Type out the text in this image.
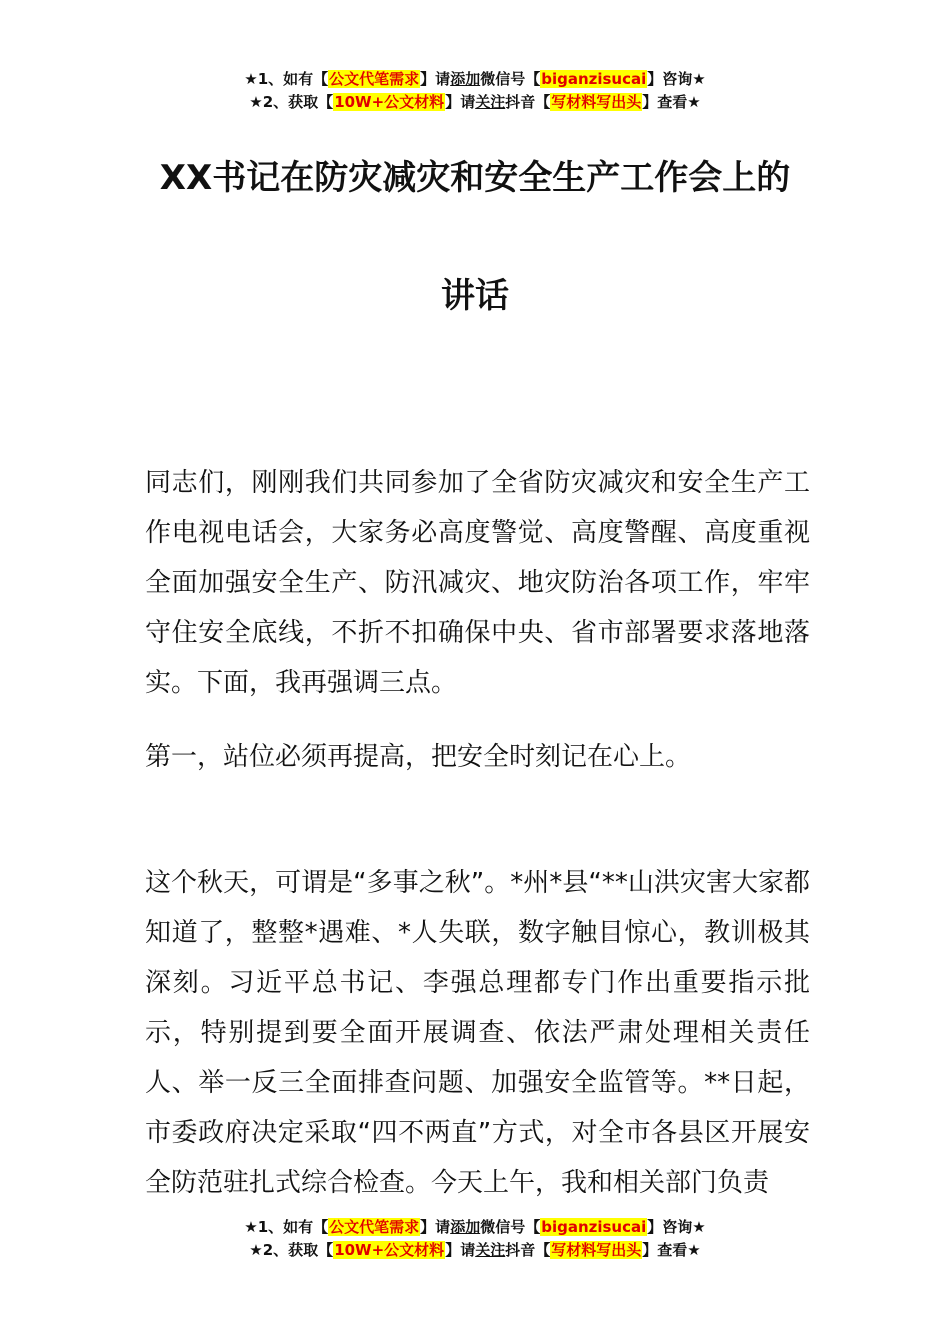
★1、如有【公文代笔需求】请添加微信号【biganzisucai】咨询★
★2、获取【10W+公文材料】请关注抖音【写材料写出头】查看★
XX书记在防灾减灾和安全生产工作会上的
讲话

同志们，刚刚我们共同参加了全省防灾减灾和安全生产工作电视电话会，大家务必高度警觉、高度警醒、高度重视全面加强安全生产、防汛减灾、地灾防治各项工作，牢牢守住安全底线，不折不扣确保中央、省市部署要求落地落实。下面，我再强调三点。

第一，站位必须再提高，把安全时刻记在心上。

这个秋天，可谓是“多事之秋”。*州*县“**山洪灾害大家都知道了，整整*遇难、*人失联，数字触目惊心，教训极其深刻。习近平总书记、李强总理都专门作出重要指示批示，特别提到要全面开展调查、依法严肃处理相关责任人、举一反三全面排查问题、加强安全监管等。**日起，市委政府决定采取“四不两直”方式，对全市各县区开展安全防范驻扎式综合检查。今天上午，我和相关部门负责

★1、如有【公文代笔需求】请添加微信号【biganzisucai】咨询★
★2、获取【10W+公文材料】请关注抖音【写材料写出头】查看★
